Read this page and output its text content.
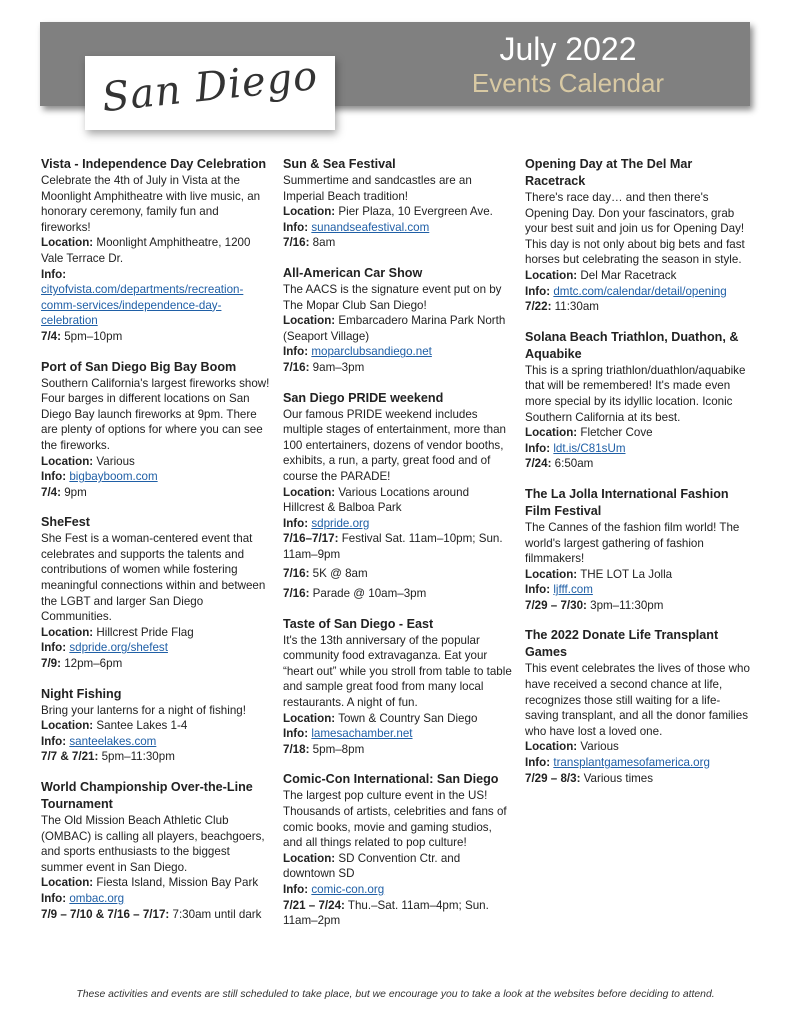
July 2022
Events Calendar
San Diego
Vista - Independence Day Celebration
Celebrate the 4th of July in Vista at the Moonlight Amphitheatre with live music, an honorary ceremony, family fun and fireworks!
Location: Moonlight Amphitheatre, 1200 Vale Terrace Dr.
Info: cityofvista.com/departments/recreation-comm-services/independence-day-celebration
7/4: 5pm–10pm
Port of San Diego Big Bay Boom
Southern California's largest fireworks show! Four barges in different locations on San Diego Bay launch fireworks at 9pm. There are plenty of options for where you can see the fireworks.
Location: Various
Info: bigbayboom.com
7/4: 9pm
SheFest
She Fest is a woman-centered event that celebrates and supports the talents and contributions of women while fostering meaningful connections within and between the LGBT and larger San Diego Communities.
Location: Hillcrest Pride Flag
Info: sdpride.org/shefest
7/9: 12pm–6pm
Night Fishing
Bring your lanterns for a night of fishing!
Location: Santee Lakes 1-4
Info: santeelakes.com
7/7 & 7/21: 5pm–11:30pm
World Championship Over-the-Line Tournament
The Old Mission Beach Athletic Club (OMBAC) is calling all players, beachgoers, and sports enthusiasts to the biggest summer event in San Diego.
Location: Fiesta Island, Mission Bay Park
Info: ombac.org
7/9 – 7/10 & 7/16 – 7/17: 7:30am until dark
Sun & Sea Festival
Summertime and sandcastles are an Imperial Beach tradition!
Location: Pier Plaza, 10 Evergreen Ave.
Info: sunandseafestival.com
7/16: 8am
All-American Car Show
The AACS is the signature event put on by The Mopar Club San Diego!
Location: Embarcadero Marina Park North (Seaport Village)
Info: moparclubsandiego.net
7/16: 9am–3pm
San Diego PRIDE weekend
Our famous PRIDE weekend includes multiple stages of entertainment, more than 100 entertainers, dozens of vendor booths, exhibits, a run, a party, great food and of course the PARADE!
Location: Various Locations around Hillcrest & Balboa Park
Info: sdpride.org
7/16–7/17: Festival Sat. 11am–10pm; Sun. 11am–9pm
7/16: 5K @ 8am
7/16: Parade @ 10am–3pm
Taste of San Diego - East
It's the 13th anniversary of the popular community food extravaganza. Eat your “heart out” while you stroll from table to table and sample great food from many local restaurants. A night of fun.
Location: Town & Country San Diego
Info: lamesachamber.net
7/18: 5pm–8pm
Comic-Con International: San Diego
The largest pop culture event in the US! Thousands of artists, celebrities and fans of comic books, movie and gaming studios, and all things related to pop culture!
Location: SD Convention Ctr. and downtown SD
Info: comic-con.org
7/21 – 7/24: Thu.–Sat. 11am–4pm; Sun. 11am–2pm
Opening Day at The Del Mar Racetrack
There's race day… and then there's Opening Day. Don your fascinators, grab your best suit and join us for Opening Day! This day is not only about big bets and fast horses but celebrating the season in style.
Location: Del Mar Racetrack
Info: dmtc.com/calendar/detail/opening
7/22: 11:30am
Solana Beach Triathlon, Duathon, & Aquabike
This is a spring triathlon/duathlon/aquabike that will be remembered! It's made even more special by its idyllic location. Iconic Southern California at its best.
Location: Fletcher Cove
Info: ldt.is/C81sUm
7/24: 6:50am
The La Jolla International Fashion Film Festival
The Cannes of the fashion film world! The world's largest gathering of fashion filmmakers!
Location: THE LOT La Jolla
Info: ljfff.com
7/29 – 7/30: 3pm–11:30pm
The 2022 Donate Life Transplant Games
This event celebrates the lives of those who have received a second chance at life, recognizes those still waiting for a life-saving transplant, and all the donor families who have lost a loved one.
Location: Various
Info: transplantgamesofamerica.org
7/29 – 8/3: Various times
These activities and events are still scheduled to take place, but we encourage you to take a look at the websites before deciding to attend.
